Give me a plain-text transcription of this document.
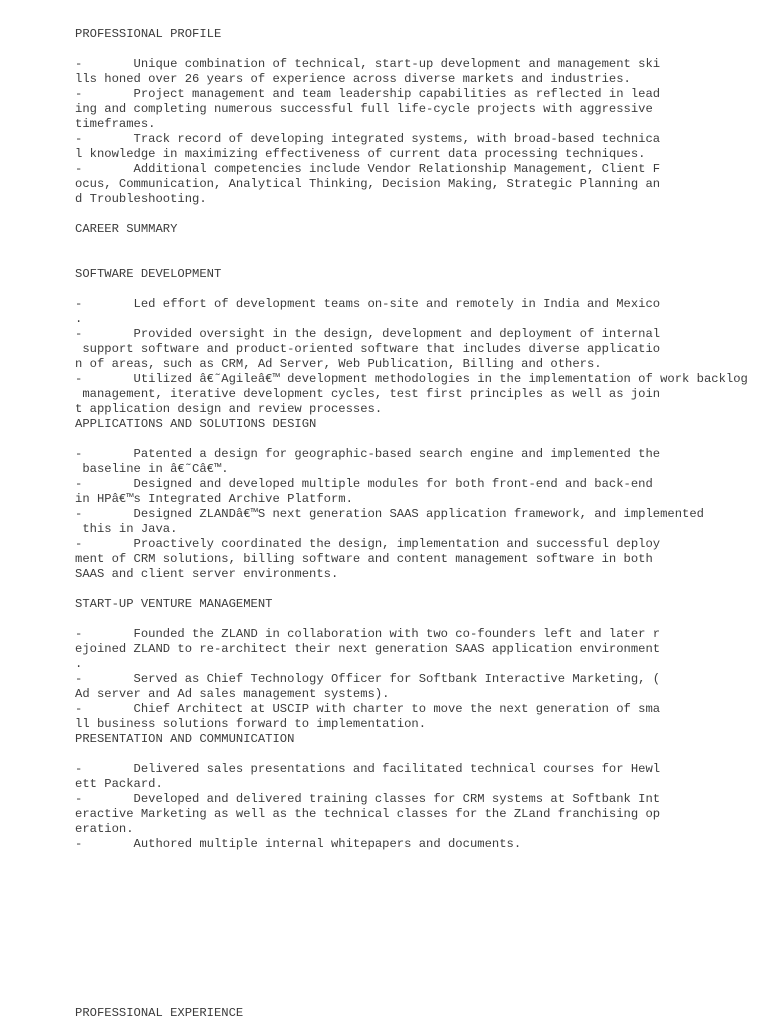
PROFESSIONAL PROFILE
-       Unique combination of technical, start-up development and management ski
lls honed over 26 years of experience across diverse markets and industries.
-       Project management and team leadership capabilities as reflected in lead
ing and completing numerous successful full life-cycle projects with aggressive
timeframes.
-       Track record of developing integrated systems, with broad-based technica
l knowledge in maximizing effectiveness of current data processing techniques.
-       Additional competencies include Vendor Relationship Management, Client F
ocus, Communication, Analytical Thinking, Decision Making, Strategic Planning an
d Troubleshooting.
CAREER SUMMARY
SOFTWARE DEVELOPMENT
-       Led effort of development teams on-site and remotely in India and Mexico
.
-       Provided oversight in the design, development and deployment of internal
support software and product-oriented software that includes diverse applicatio
n of areas, such as CRM, Ad Server, Web Publication, Billing and others.
-       Utilized â€˜Agileâ€™ development methodologies in the implementation of work backlog
management, iterative development cycles, test first principles as well as join
t application design and review processes.
APPLICATIONS AND SOLUTIONS DESIGN
-       Patented a design for geographic-based search engine and implemented the
baseline in â€˜Câ€™.
-       Designed and developed multiple modules for both front-end and back-end
in HPâ€™s Integrated Archive Platform.
-       Designed ZLANDâ€™S next generation SAAS application framework, and implemented
this in Java.
-       Proactively coordinated the design, implementation and successful deploy
ment of CRM solutions, billing software and content management software in both
SAAS and client server environments.
START-UP VENTURE MANAGEMENT
-       Founded the ZLAND in collaboration with two co-founders left and later r
ejoined ZLAND to re-architect their next generation SAAS application environment
.
-       Served as Chief Technology Officer for Softbank Interactive Marketing, (
Ad server and Ad sales management systems).
-       Chief Architect at USCIP with charter to move the next generation of sma
ll business solutions forward to implementation.
PRESENTATION AND COMMUNICATION
-       Delivered sales presentations and facilitated technical courses for Hewl
ett Packard.
-       Developed and delivered training classes for CRM systems at Softbank Int
eractive Marketing as well as the technical classes for the ZLand franchising op
eration.
-       Authored multiple internal whitepapers and documents.
PROFESSIONAL EXPERIENCE
